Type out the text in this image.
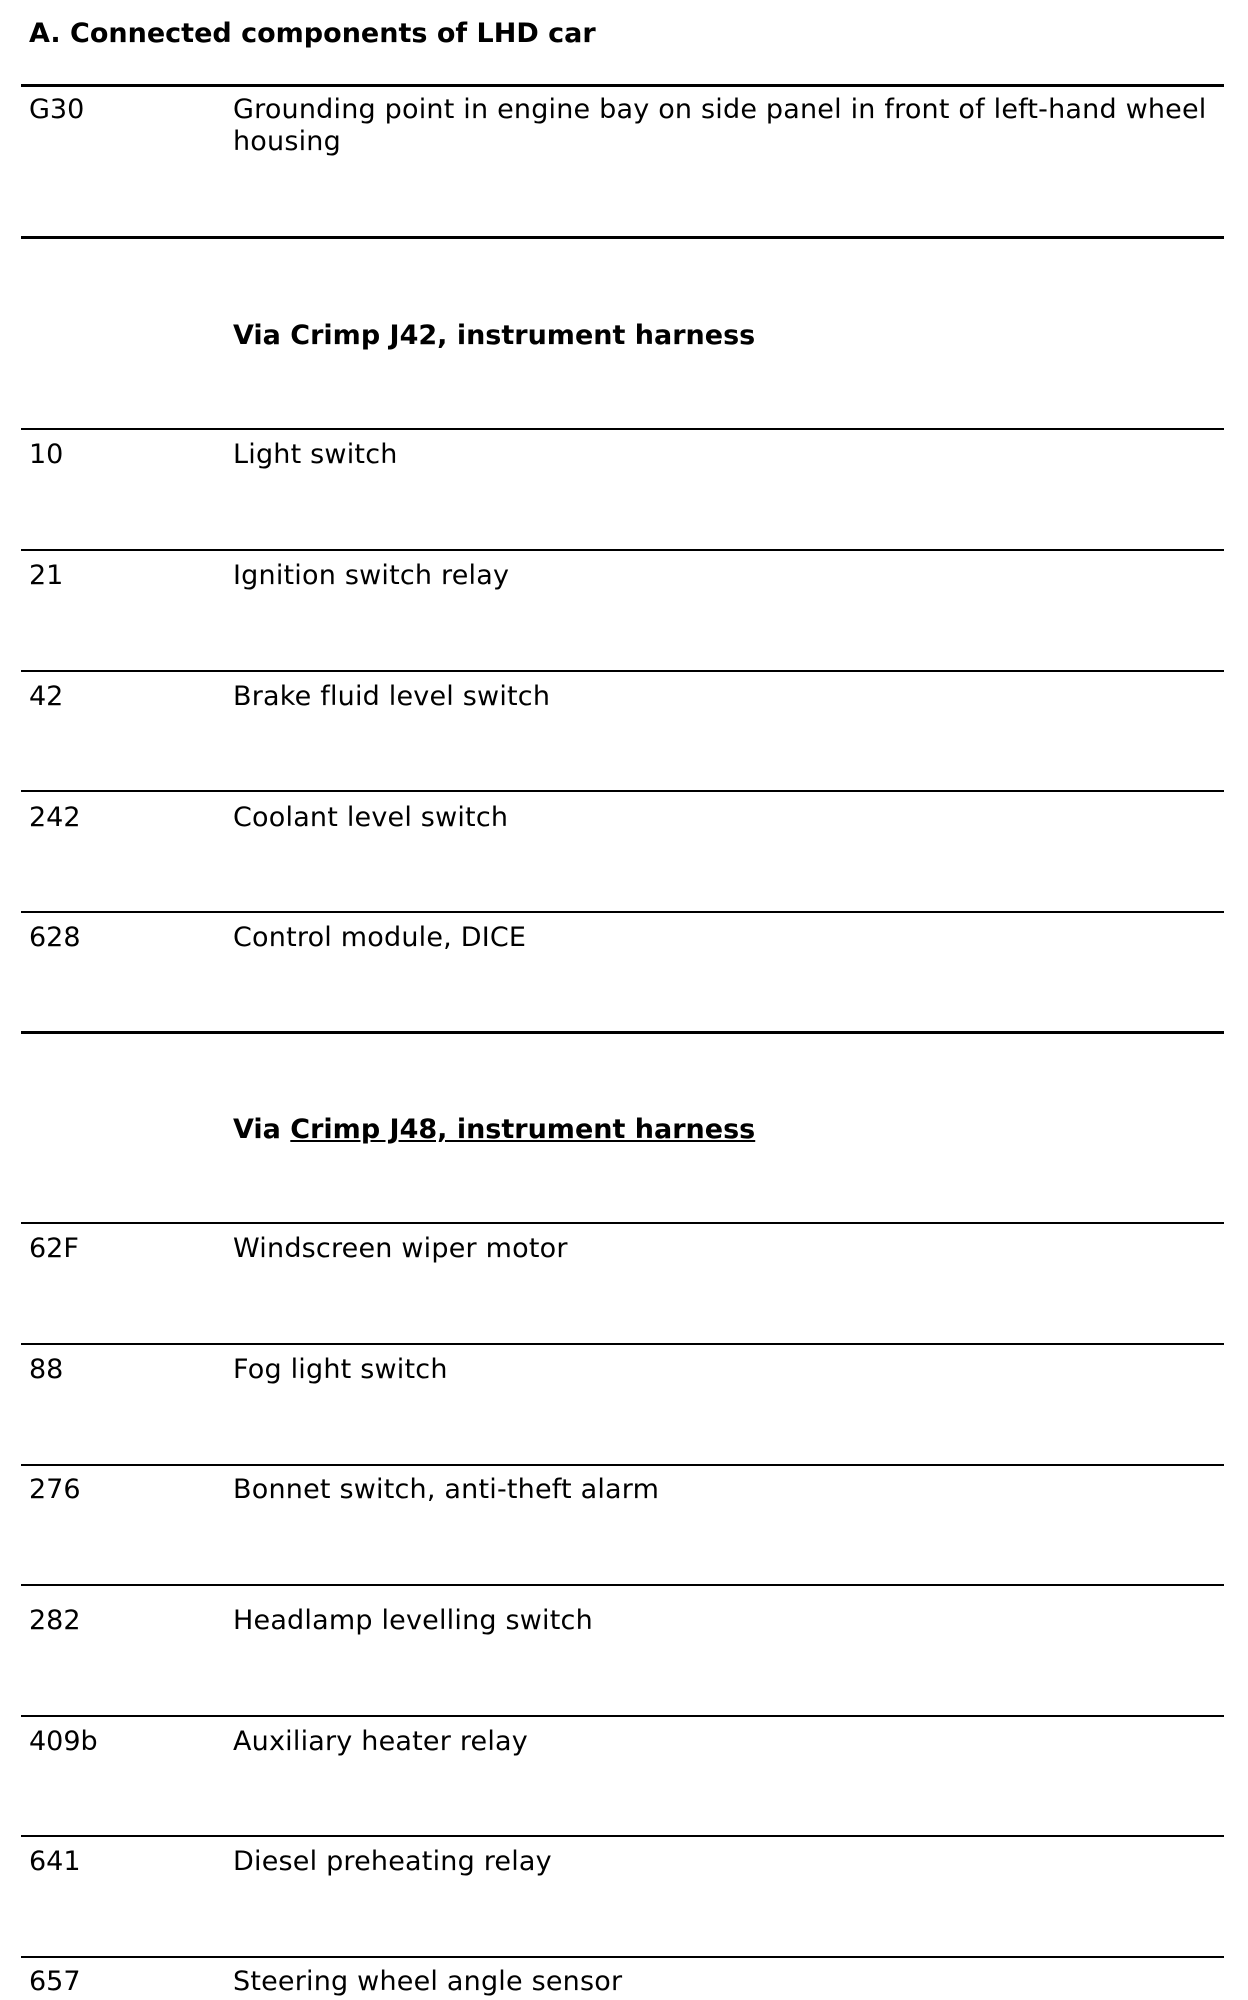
A. Connected components of LHD car
G30	Grounding point in engine bay on side panel in front of left-hand wheel housing
Via Crimp J42, instrument harness
10	Light switch
21	Ignition switch relay
42	Brake fluid level switch
242	Coolant level switch
628	Control module, DICE
Via Crimp J48, instrument harness
62F	Windscreen wiper motor
88	Fog light switch
276	Bonnet switch, anti-theft alarm
282	Headlamp levelling switch
409b	Auxiliary heater relay
641	Diesel preheating relay
657	Steering wheel angle sensor
